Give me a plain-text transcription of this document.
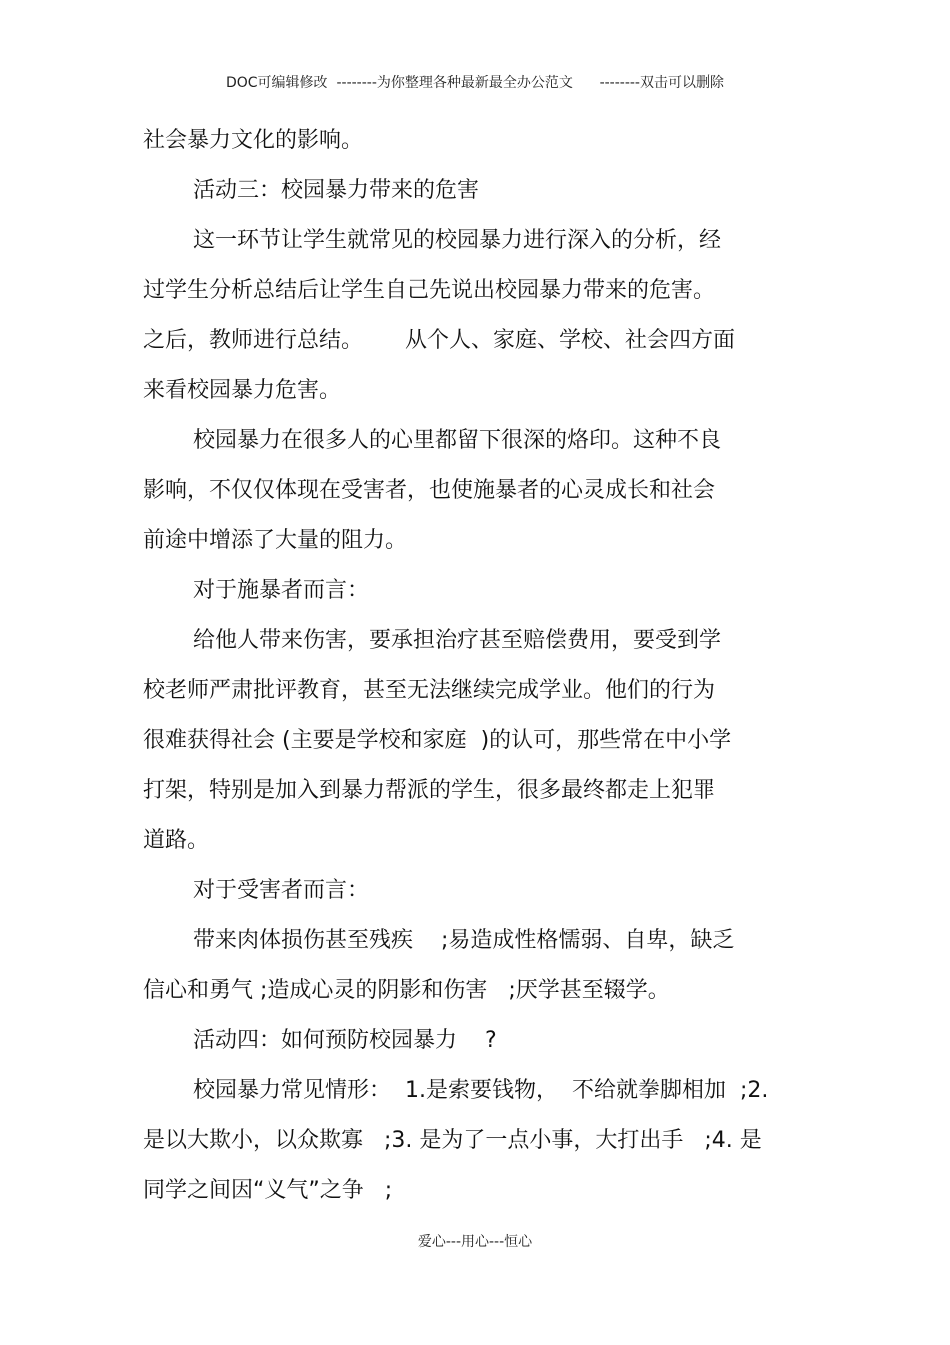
DOC可编辑修改  --------为你整理各种最新最全办公范文      --------双击可以删除
社会暴力文化的影响。
活动三：校园暴力带来的危害
这一环节让学生就常见的校园暴力进行深入的分析，经
过学生分析总结后让学生自己先说出校园暴力带来的危害。
之后，教师进行总结。      从个人、家庭、学校、社会四方面
来看校园暴力危害。
校园暴力在很多人的心里都留下很深的烙印。这种不良
影响，不仅仅体现在受害者，也使施暴者的心灵成长和社会
前途中增添了大量的阻力。
对于施暴者而言：
给他人带来伤害，要承担治疗甚至赔偿费用，要受到学
校老师严肃批评教育，甚至无法继续完成学业。他们的行为
很难获得社会 (主要是学校和家庭  )的认可，那些常在中小学
打架，特别是加入到暴力帮派的学生，很多最终都走上犯罪
道路。
对于受害者而言：
带来肉体损伤甚至残疾    ;易造成性格懦弱、自卑，缺乏
信心和勇气 ;造成心灵的阴影和伤害   ;厌学甚至辍学。
活动四：如何预防校园暴力    ?
校园暴力常见情形：  1.是索要钱物，  不给就拳脚相加  ;2.
是以大欺小，以众欺寡   ;3. 是为了一点小事，大打出手   ;4. 是
同学之间因“义气”之争   ;
爱心---用心---恒心
